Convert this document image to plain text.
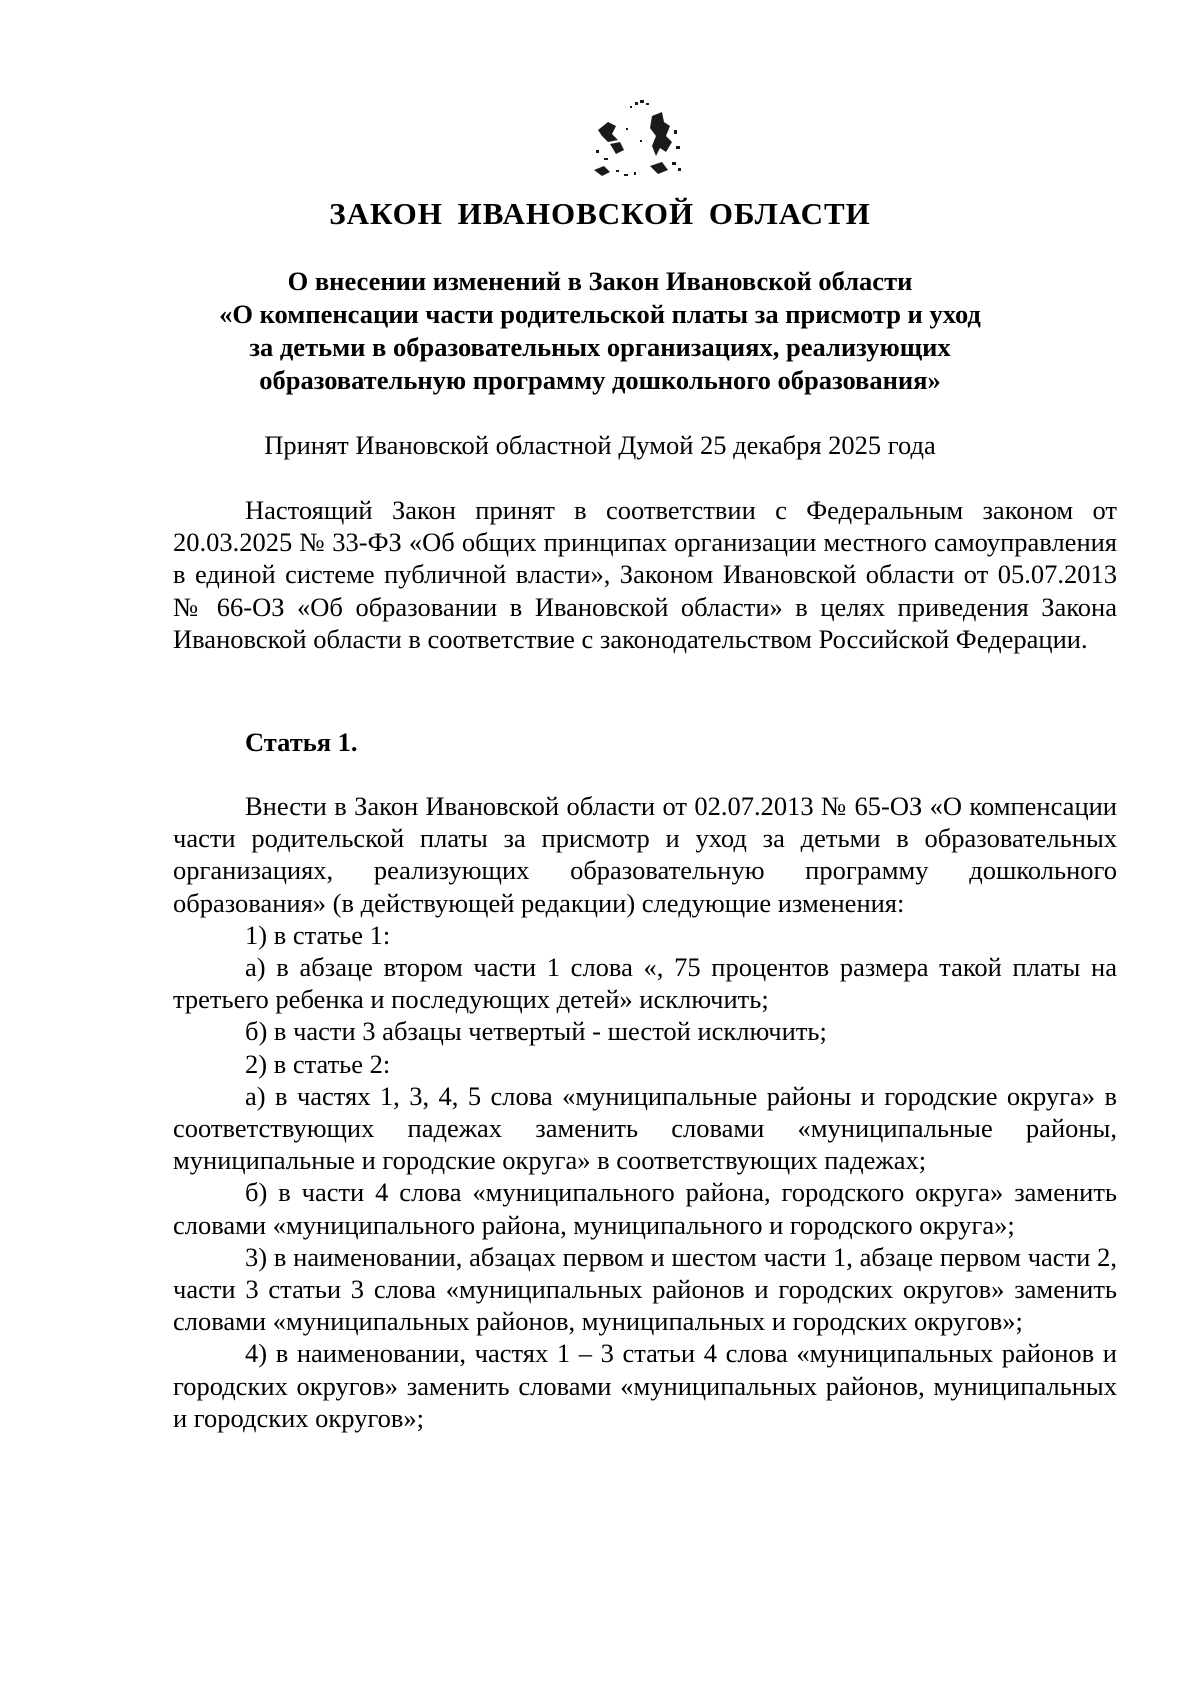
ЗАКОН ИВАНОВСКОЙ ОБЛАСТИ
О внесении изменений в Закон Ивановской области
«О компенсации части родительской платы за присмотр и уход
за детьми в образовательных организациях, реализующих
образовательную программу дошкольного образования»

Принят Ивановской областной Думой 25 декабря 2025 года

Настоящий Закон принят в соответствии с Федеральным законом от 20.03.2025 № 33-ФЗ «Об общих принципах организации местного самоуправления в единой системе публичной власти», Законом Ивановской области от 05.07.2013 № 66-ОЗ «Об образовании в Ивановской области» в целях приведения Закона Ивановской области в соответствие с законодательством Российской Федерации.

Статья 1.

Внести в Закон Ивановской области от 02.07.2013 № 65-ОЗ «О компенсации части родительской платы за присмотр и уход за детьми в образовательных организациях, реализующих образовательную программу дошкольного образования» (в действующей редакции) следующие изменения:
1) в статье 1:
а) в абзаце втором части 1 слова «, 75 процентов размера такой платы на третьего ребенка и последующих детей» исключить;
б) в части 3 абзацы четвертый - шестой исключить;
2) в статье 2:
а) в частях 1, 3, 4, 5 слова «муниципальные районы и городские округа» в соответствующих падежах заменить словами «муниципальные районы, муниципальные и городские округа» в соответствующих падежах;
б) в части 4 слова «муниципального района, городского округа» заменить словами «муниципального района, муниципального и городского округа»;
3) в наименовании, абзацах первом и шестом части 1, абзаце первом части 2, части 3 статьи 3 слова «муниципальных районов и городских округов» заменить словами «муниципальных районов, муниципальных и городских округов»;
4) в наименовании, частях 1 – 3 статьи 4 слова «муниципальных районов и городских округов» заменить словами «муниципальных районов, муниципальных и городских округов»;
